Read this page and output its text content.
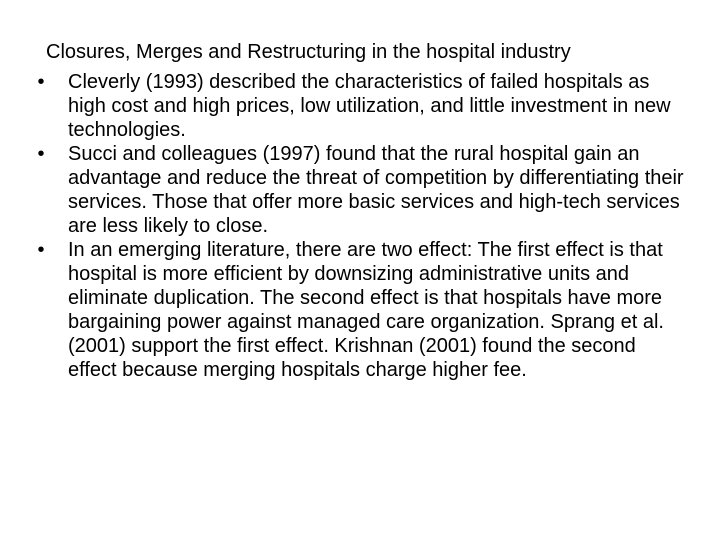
Closures, Merges and Restructuring in the hospital industry
• Cleverly (1993) described the characteristics of failed hospitals as high cost and high prices, low utilization, and little investment in new technologies.
• Succi and colleagues (1997) found that the rural hospital gain an advantage and reduce the threat of competition by differentiating their services. Those that offer more basic services and high-tech services are less likely to close.
• In an emerging literature, there are two effect: The first effect is that hospital is more efficient by downsizing administrative units and eliminate duplication. The second effect is that hospitals have more bargaining power against managed care organization. Sprang et al. (2001) support the first effect. Krishnan (2001) found the second effect because merging hospitals charge higher fee.
